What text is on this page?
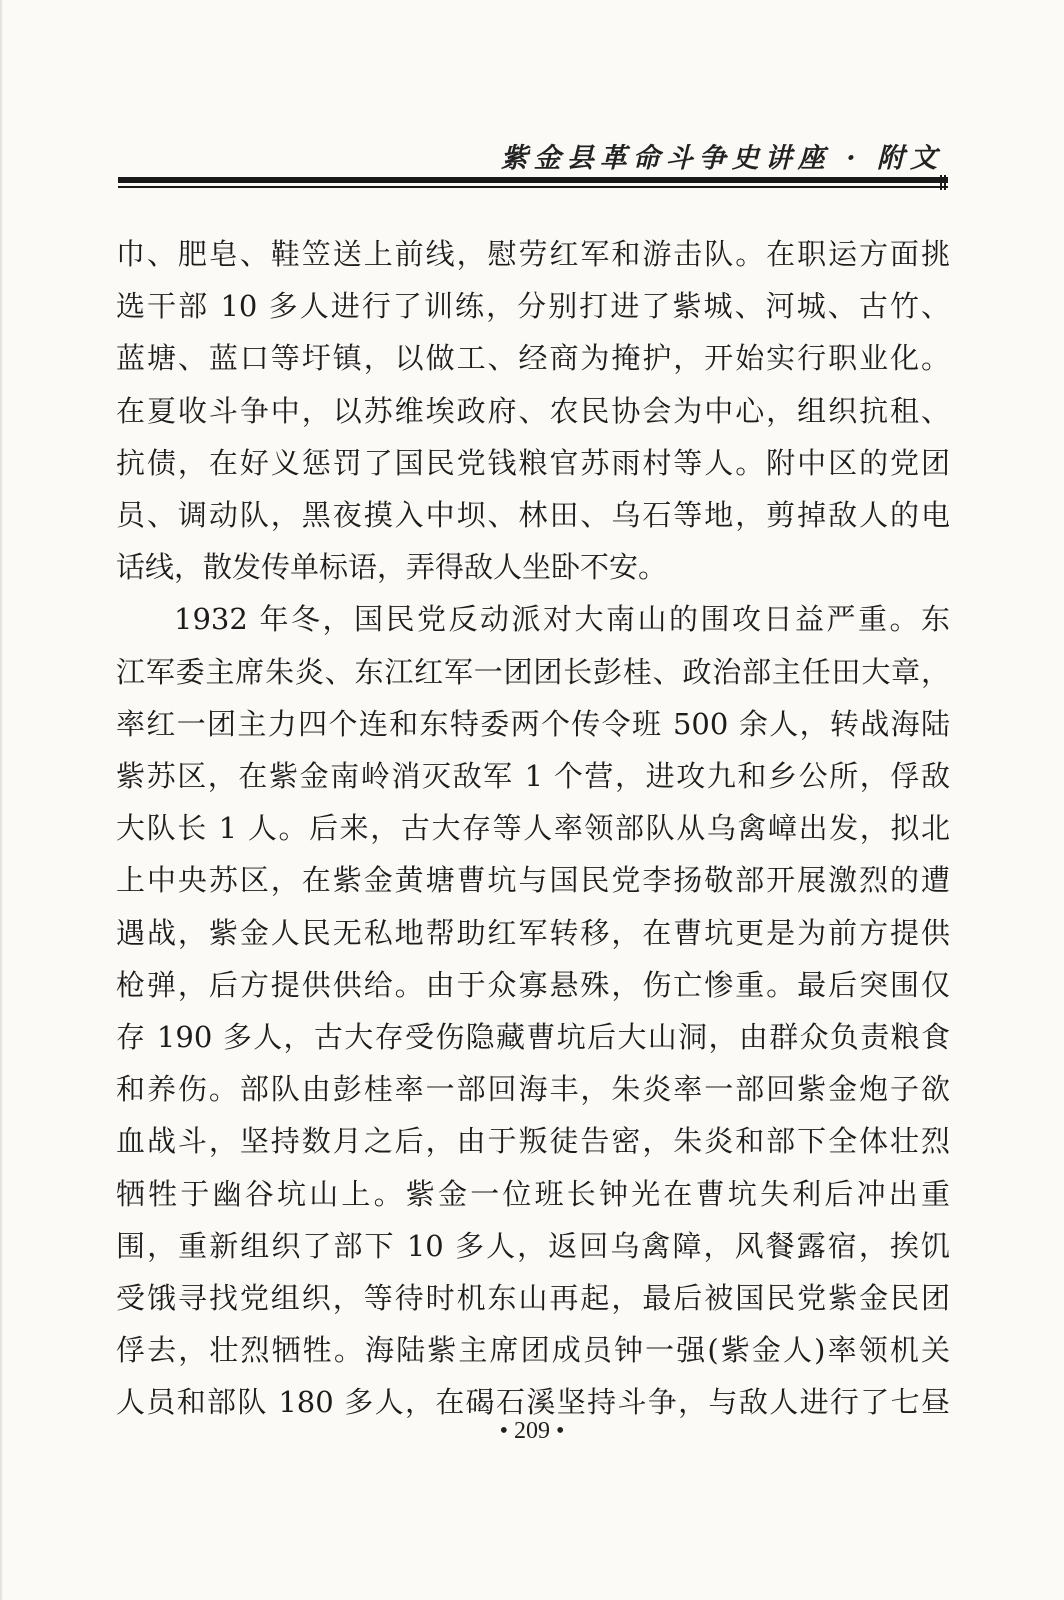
紫金县革命斗争史讲座 · 附文

巾、肥皂、鞋笠送上前线，慰劳红军和游击队。在职运方面挑

选干部 10 多人进行了训练，分别打进了紫城、河城、古竹、

蓝塘、蓝口等圩镇，以做工、经商为掩护，开始实行职业化。

在夏收斗争中，以苏维埃政府、农民协会为中心，组织抗租、

抗债，在好义惩罚了国民党钱粮官苏雨村等人。附中区的党团

员、调动队，黑夜摸入中坝、林田、乌石等地，剪掉敌人的电

话线，散发传单标语，弄得敌人坐卧不安。

1932 年冬，国民党反动派对大南山的围攻日益严重。东

江军委主席朱炎、东江红军一团团长彭桂、政治部主任田大章，

率红一团主力四个连和东特委两个传令班 500 余人，转战海陆

紫苏区，在紫金南岭消灭敌军 1 个营，进攻九和乡公所，俘敌

大队长 1 人。后来，古大存等人率领部队从乌禽嶂出发，拟北

上中央苏区，在紫金黄塘曹坑与国民党李扬敬部开展激烈的遭

遇战，紫金人民无私地帮助红军转移，在曹坑更是为前方提供

枪弹，后方提供供给。由于众寡悬殊，伤亡惨重。最后突围仅

存 190 多人，古大存受伤隐藏曹坑后大山洞，由群众负责粮食

和养伤。部队由彭桂率一部回海丰，朱炎率一部回紫金炮子欲

血战斗，坚持数月之后，由于叛徒告密，朱炎和部下全体壮烈

牺牲于幽谷坑山上。紫金一位班长钟光在曹坑失利后冲出重

围，重新组织了部下 10 多人，返回乌禽障，风餐露宿，挨饥

受饿寻找党组织，等待时机东山再起，最后被国民党紫金民团

俘去，壮烈牺牲。海陆紫主席团成员钟一强(紫金人)率领机关

人员和部队 180 多人，在碣石溪坚持斗争，与敌人进行了七昼

• 209 •
